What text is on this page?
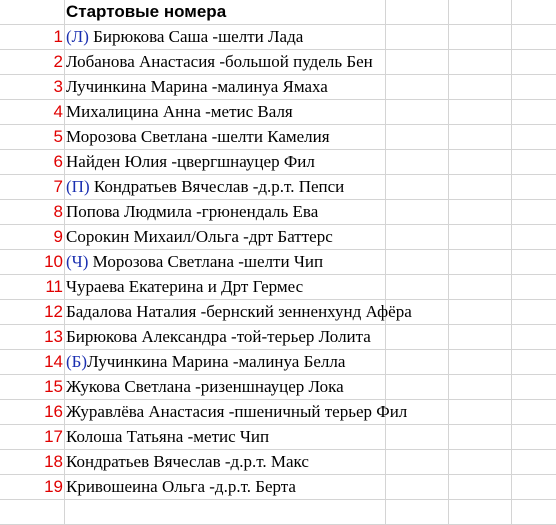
Стартовые номера
1 (Л) Бирюкова Саша -шелти Лада
2 Лобанова Анастасия -большой пудель Бен
3 Лучинкина Марина -малинуа Ямаха
4 Михалицина Анна -метис Валя
5 Морозова Светлана -шелти Камелия
6 Найден Юлия -цвергшнауцер Фил
7 (П) Кондратьев Вячеслав -д.р.т. Пепси
8 Попова Людмила -грюнендаль Ева
9 Сорокин Михаил/Ольга -дрт Баттерс
10 (Ч) Морозова Светлана -шелти Чип
11 Чураева Екатерина и Дрт Гермес
12 Бадалова Наталия -бернский зенненхунд Афёра
13 Бирюкова Александра -той-терьер Лолита
14 (Б)Лучинкина Марина -малинуа Белла
15 Жукова Светлана -ризеншнауцер Лока
16 Журавлёва Анастасия -пшеничный терьер Фил
17 Колоша Татьяна -метис Чип
18 Кондратьев Вячеслав -д.р.т. Макс
19 Кривошеина Ольга -д.р.т. Берта
